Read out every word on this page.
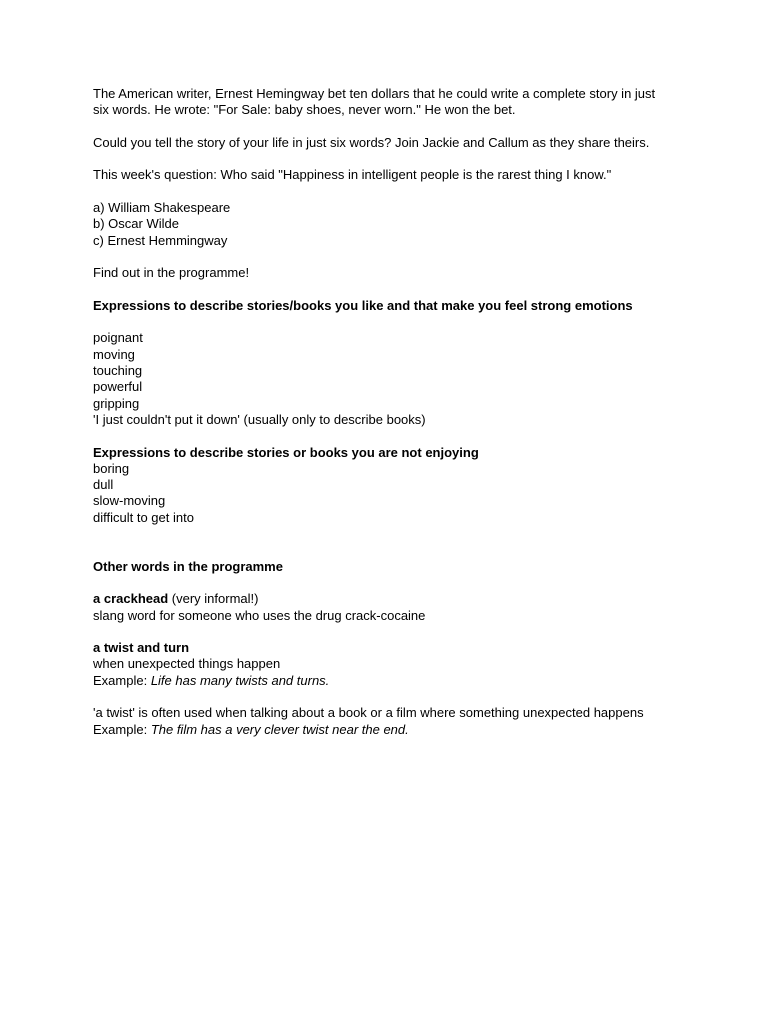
The American writer, Ernest Hemingway bet ten dollars that he could write a complete story in just

six words. He wrote: "For Sale: baby shoes, never worn." He won the bet.

Could you tell the story of your life in just six words? Join Jackie and Callum as they share theirs.

This week's question: Who said "Happiness in intelligent people is the rarest thing I know."

a) William Shakespeare

b) Oscar Wilde

c) Ernest Hemmingway

Find out in the programme!

Expressions to describe stories/books you like and that make you feel strong emotions

poignant

moving

touching

powerful

gripping

'I just couldn't put it down' (usually only to describe books)

Expressions to describe stories or books you are not enjoying

boring

dull

slow-moving

difficult to get into

Other words in the programme

a crackhead (very informal!)

slang word for someone who uses the drug crack-cocaine

a twist and turn

when unexpected things happen

Example: Life has many twists and turns.

'a twist' is often used when talking about a book or a film where something unexpected happens

Example: The film has a very clever twist near the end.
